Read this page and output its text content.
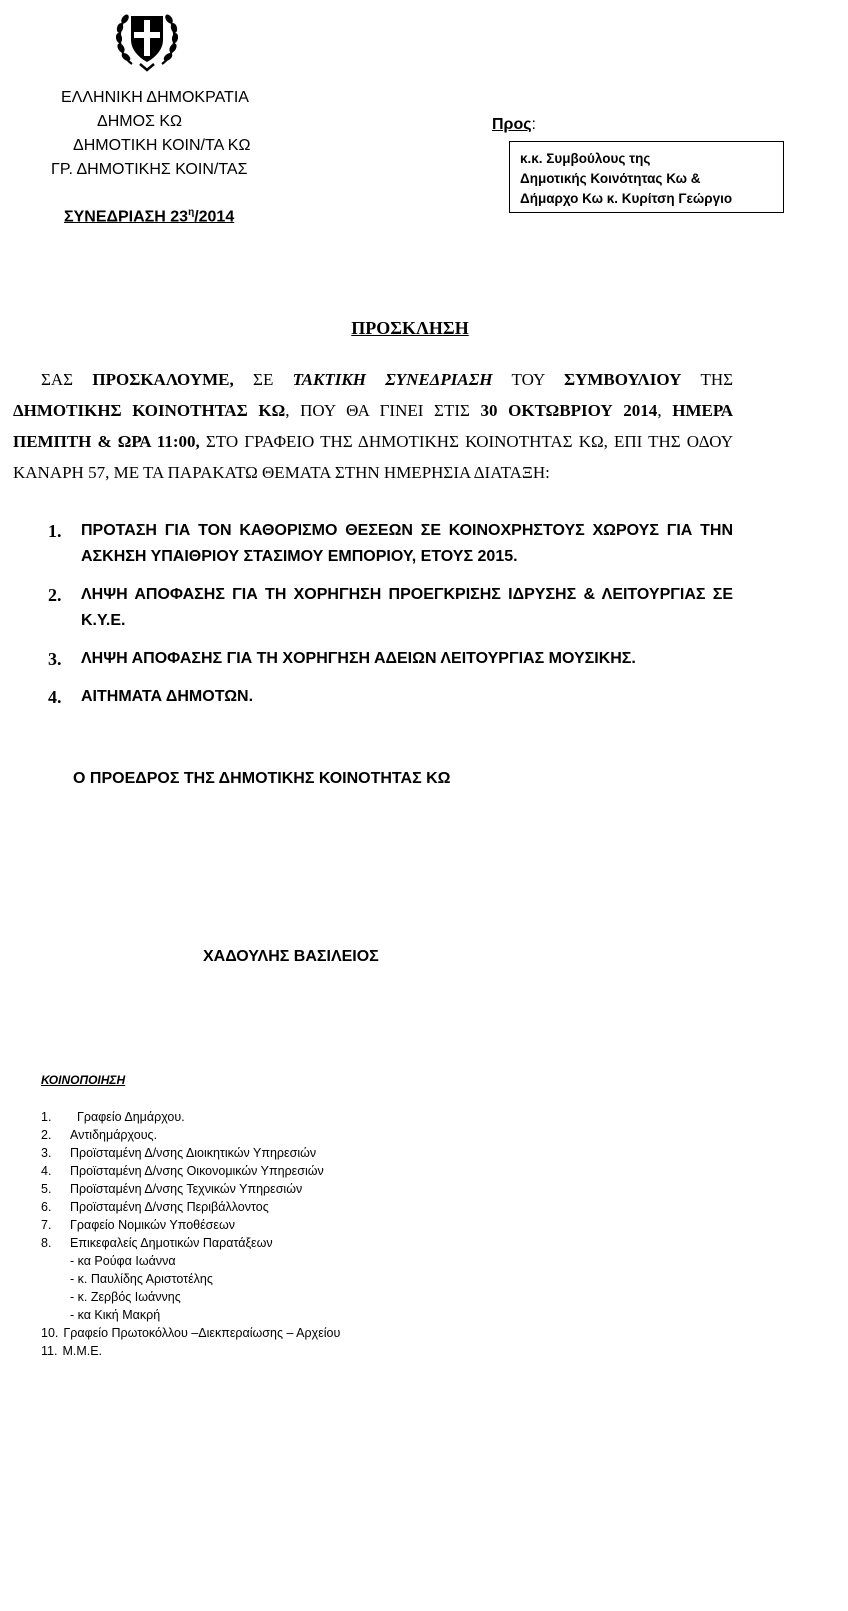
ΕΛΛΗΝΙΚΗ ΔΗΜΟΚΡΑΤΙΑ
ΔΗΜΟΣ ΚΩ
ΔΗΜΟΤΙΚΗ ΚΟΙΝ/ΤΑ ΚΩ
ΓΡ. ΔΗΜΟΤΙΚΗΣ ΚΟΙΝ/ΤΑΣ
ΣΥΝΕΔΡΙΑΣΗ $23^\eta/2014$
Προς:
κ.κ. Συμβούλους της
Δημοτικής Κοινότητας Κω &
Δήμαρχο Κω κ. Κυρίτση Γεώργιο
ΠΡΟΣΚΛΗΣΗ
ΣΑΣ ΠΡΟΣΚΑΛΟΥΜΕ, ΣΕ ΤΑΚΤΙΚΗ ΣΥΝΕΔΡΙΑΣΗ ΤΟΥ ΣΥΜΒΟΥΛΙΟΥ ΤΗΣ ΔΗΜΟΤΙΚΗΣ ΚΟΙΝΟΤΗΤΑΣ ΚΩ, ΠΟΥ ΘΑ ΓΙΝΕΙ ΣΤΙΣ 30 ΟΚΤΩΒΡΙΟΥ 2014, ΗΜΕΡΑ ΠΕΜΠΤΗ & ΩΡΑ 11:00, ΣΤΟ ΓΡΑΦΕΙΟ ΤΗΣ ΔΗΜΟΤΙΚΗΣ ΚΟΙΝΟΤΗΤΑΣ ΚΩ, ΕΠΙ ΤΗΣ ΟΔΟΥ ΚΑΝΑΡΗ 57, ΜΕ ΤΑ ΠΑΡΑΚΑΤΩ ΘΕΜΑΤΑ ΣΤΗΝ ΗΜΕΡΗΣΙΑ ΔΙΑΤΑΞΗ:
1. ΠΡΟΤΑΣΗ ΓΙΑ ΤΟΝ ΚΑΘΟΡΙΣΜΟ ΘΕΣΕΩΝ ΣΕ ΚΟΙΝΟΧΡΗΣΤΟΥΣ ΧΩΡΟΥΣ ΓΙΑ ΤΗΝ ΑΣΚΗΣΗ ΥΠΑΙΘΡΙΟΥ ΣΤΑΣΙΜΟΥ ΕΜΠΟΡΙΟΥ, ΕΤΟΥΣ 2015.
2. ΛΗΨΗ ΑΠΟΦΑΣΗΣ ΓΙΑ ΤΗ ΧΟΡΗΓΗΣΗ ΠΡΟΕΓΚΡΙΣΗΣ ΙΔΡΥΣΗΣ & ΛΕΙΤΟΥΡΓΙΑΣ ΣΕ Κ.Υ.Ε.
3. ΛΗΨΗ ΑΠΟΦΑΣΗΣ ΓΙΑ ΤΗ ΧΟΡΗΓΗΣΗ ΑΔΕΙΩΝ ΛΕΙΤΟΥΡΓΙΑΣ ΜΟΥΣΙΚΗΣ.
4. ΑΙΤΗΜΑΤΑ ΔΗΜΟΤΩΝ.
Ο ΠΡΟΕΔΡΟΣ ΤΗΣ ΔΗΜΟΤΙΚΗΣ ΚΟΙΝΟΤΗΤΑΣ ΚΩ
ΧΑΔΟΥΛΗΣ ΒΑΣΙΛΕΙΟΣ
ΚΟΙΝΟΠΟΙΗΣΗ
1.  Γραφείο Δημάρχου.
2. Αντιδημάρχους.
3. Προϊσταμένη Δ/νσης Διοικητικών Υπηρεσιών
4. Προϊσταμένη Δ/νσης Οικονομικών Υπηρεσιών
5. Προϊσταμένη Δ/νσης Τεχνικών Υπηρεσιών
6. Προϊσταμένη Δ/νσης Περιβάλλοντος
7. Γραφείο Νομικών Υποθέσεων
8. Επικεφαλείς Δημοτικών Παρατάξεων
- κα Ρούφα Ιωάννα
- κ. Παυλίδης Αριστοτέλης
- κ. Ζερβός Ιωάννης
- κα Κική Μακρή
10. Γραφείο Πρωτοκόλλου –Διεκπεραίωσης – Αρχείου
11. Μ.Μ.Ε.
